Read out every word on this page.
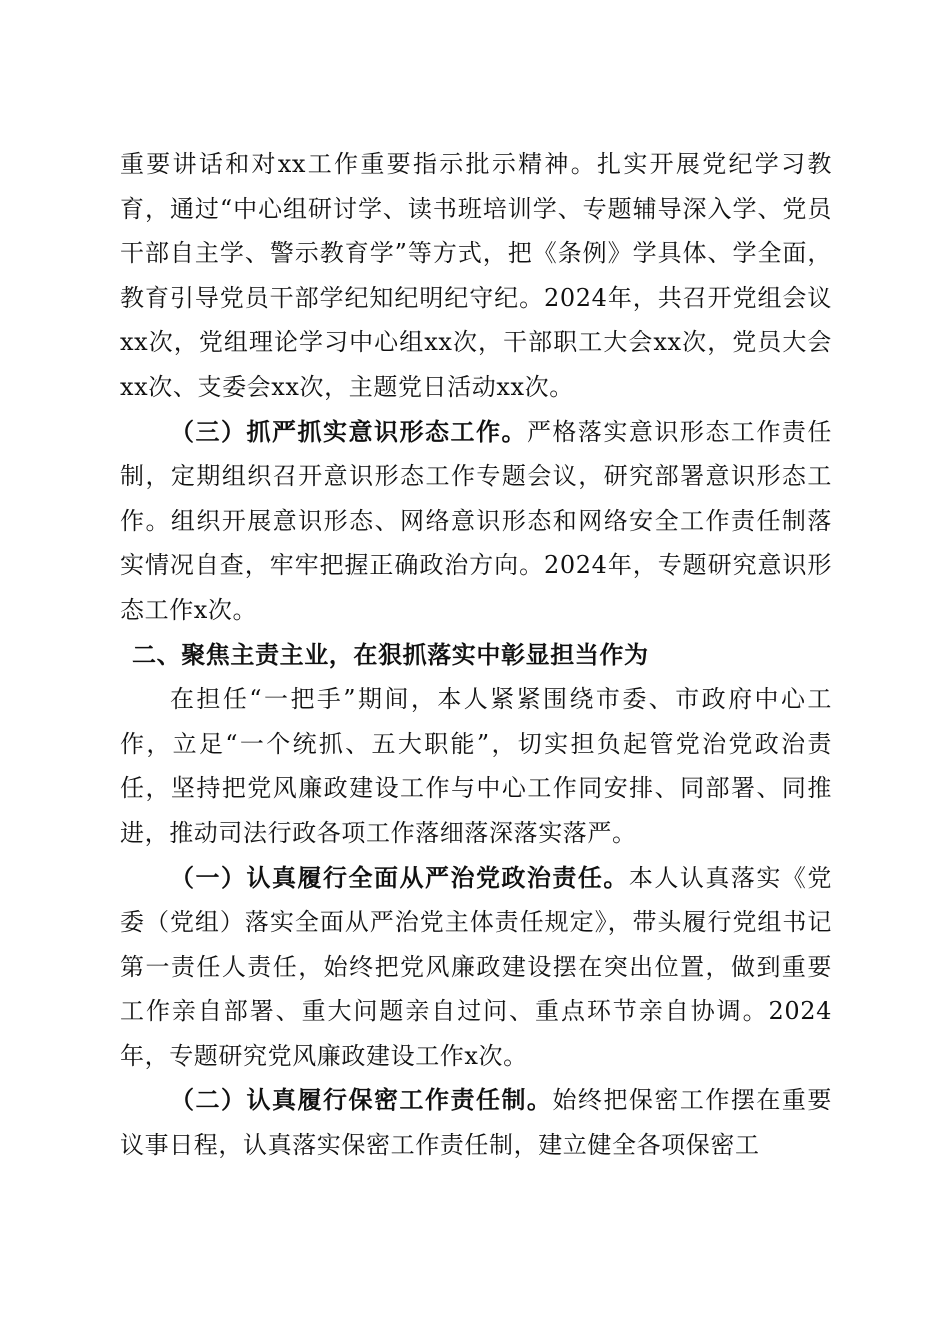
重要讲话和对xx工作重要指示批示精神。扎实开展党纪学习教育，通过“中心组研讨学、读书班培训学、专题辅导深入学、党员干部自主学、警示教育学”等方式，把《条例》学具体、学全面，教育引导党员干部学纪知纪明纪守纪。2024年，共召开党组会议xx次，党组理论学习中心组xx次，干部职工大会xx次，党员大会xx次、支委会xx次，主题党日活动xx次。

（三）抓严抓实意识形态工作。严格落实意识形态工作责任制，定期组织召开意识形态工作专题会议，研究部署意识形态工作。组织开展意识形态、网络意识形态和网络安全工作责任制落实情况自查，牢牢把握正确政治方向。2024年，专题研究意识形态工作x次。

二、聚焦主责主业，在狠抓落实中彰显担当作为

在担任“一把手”期间，本人紧紧围绕市委、市政府中心工作，立足“一个统抓、五大职能”，切实担负起管党治党政治责任，坚持把党风廉政建设工作与中心工作同安排、同部署、同推进，推动司法行政各项工作落细落深落实落严。

（一）认真履行全面从严治党政治责任。本人认真落实《党委（党组）落实全面从严治党主体责任规定》，带头履行党组书记第一责任人责任，始终把党风廉政建设摆在突出位置，做到重要工作亲自部署、重大问题亲自过问、重点环节亲自协调。2024年，专题研究党风廉政建设工作x次。

（二）认真履行保密工作责任制。始终把保密工作摆在重要议事日程，认真落实保密工作责任制，建立健全各项保密工
